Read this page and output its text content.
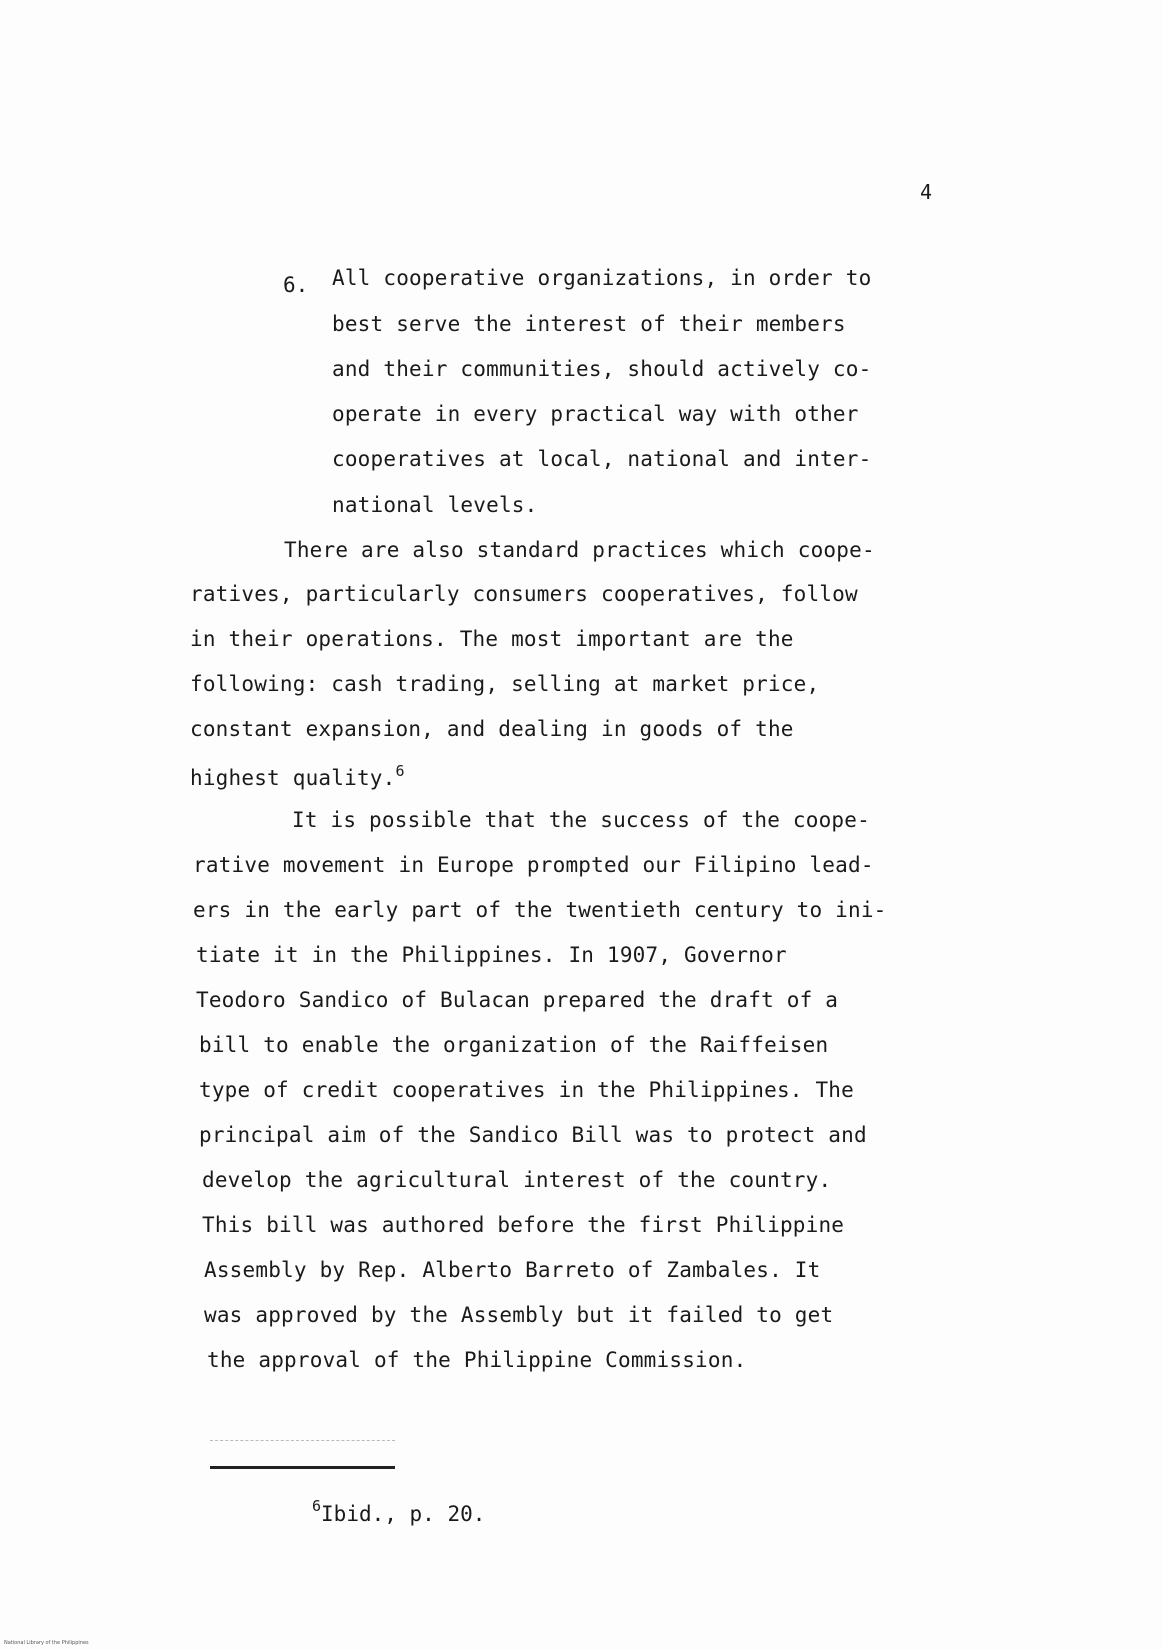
4
6. All cooperative organizations, in order to
best serve the interest of their members
and their communities, should actively co-
operate in every practical way with other
cooperatives at local, national and inter-
national levels.
There are also standard practices which coope-
ratives, particularly consumers cooperatives, follow
in their operations. The most important are the
following: cash trading, selling at market price,
constant expansion, and dealing in goods of the
highest quality.$^6$
It is possible that the success of the coope-
rative movement in Europe prompted our Filipino lead-
ers in the early part of the twentieth century to ini-
tiate it in the Philippines. In 1907, Governor
Teodoro Sandico of Bulacan prepared the draft of a
bill to enable the organization of the Raiffeisen
type of credit cooperatives in the Philippines. The
principal aim of the Sandico Bill was to protect and
develop the agricultural interest of the country.
This bill was authored before the first Philippine
Assembly by Rep. Alberto Barreto of Zambales. It
was approved by the Assembly but it failed to get
the approval of the Philippine Commission.
$^6$Ibid., p. 20.
National Library of the Philippines
